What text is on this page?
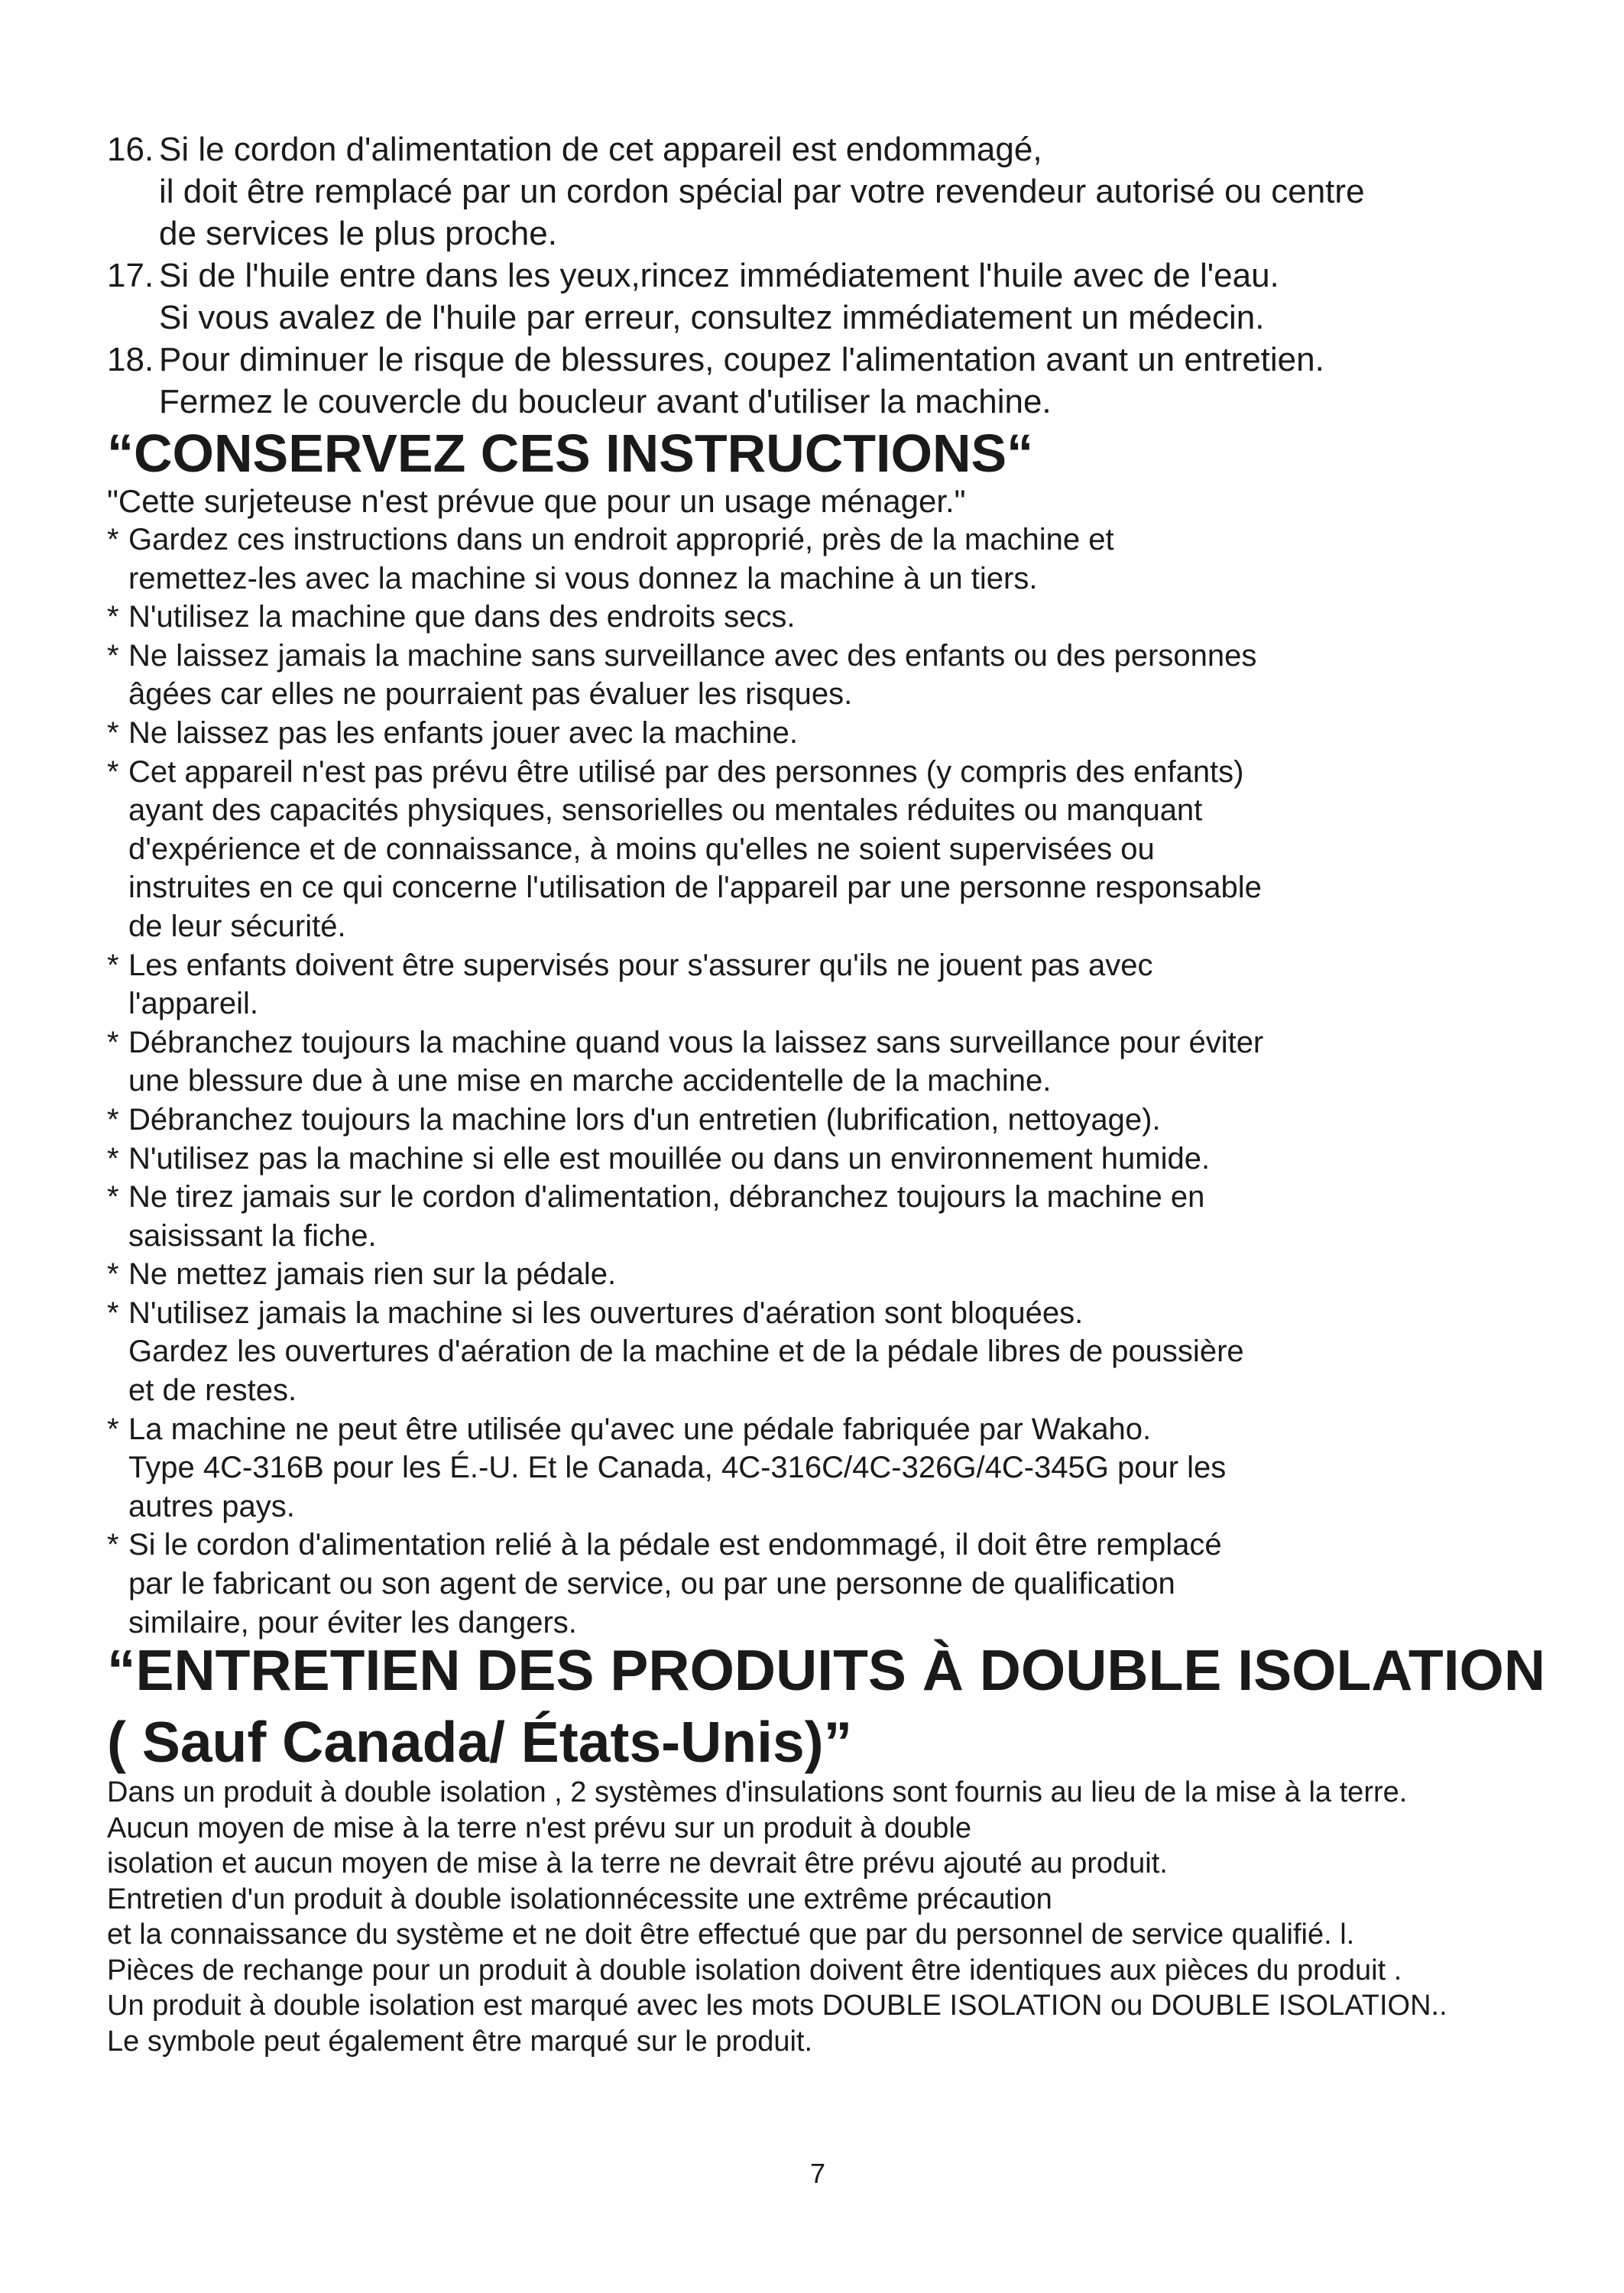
16. Si le cordon d'alimentation de cet appareil est endommagé,
il doit être remplacé par un cordon spécial par votre revendeur autorisé ou centre
de services le plus proche.
17. Si de l'huile entre dans les yeux,rincez immédiatement l'huile avec de l'eau.
Si vous avalez de l'huile par erreur, consultez immédiatement un médecin.
18. Pour diminuer le risque de blessures, coupez l'alimentation avant un entretien.
Fermez le couvercle du boucleur avant d'utiliser la machine.
“CONSERVEZ CES INSTRUCTIONS“
"Cette surjeteuse n'est prévue que pour un usage ménager."
* Gardez ces instructions dans un endroit approprié, près de la machine et
remettez-les avec la machine si vous donnez la machine à un tiers.
* N'utilisez la machine que dans des endroits secs.
* Ne laissez jamais la machine sans surveillance avec des enfants ou des personnes
âgées car elles ne pourraient pas évaluer les risques.
* Ne laissez pas les enfants jouer avec la machine.
* Cet appareil n'est pas prévu être utilisé par des personnes (y compris des enfants)
ayant des capacités physiques, sensorielles ou mentales réduites ou manquant
d'expérience et de connaissance, à moins qu'elles ne soient supervisées ou
instruites en ce qui concerne l'utilisation de l'appareil par une personne responsable
de leur sécurité.
* Les enfants doivent être supervisés pour s'assurer qu'ils ne jouent pas avec
l'appareil.
* Débranchez toujours la machine quand vous la laissez sans surveillance pour éviter
une blessure due à une mise en marche accidentelle de la machine.
* Débranchez toujours la machine lors d'un entretien (lubrification, nettoyage).
* N'utilisez pas la machine si elle est mouillée ou dans un environnement humide.
* Ne tirez jamais sur le cordon d'alimentation, débranchez toujours la machine en
saisissant la fiche.
* Ne mettez jamais rien sur la pédale.
* N'utilisez jamais la machine si les ouvertures d'aération sont bloquées.
Gardez les ouvertures d'aération de la machine et de la pédale libres de poussière
et de restes.
* La machine ne peut être utilisée qu'avec une pédale fabriquée par Wakaho.
Type 4C-316B pour les É.-U. Et le Canada, 4C-316C/4C-326G/4C-345G pour les
autres pays.
* Si le cordon d'alimentation relié à la pédale est endommagé, il doit être remplacé
par le fabricant ou son agent de service, ou par une personne de qualification
similaire, pour éviter les dangers.
“ENTRETIEN DES PRODUITS À DOUBLE ISOLATION
( Sauf Canada/ États-Unis)”
Dans un produit à double isolation , 2 systèmes d'insulations sont fournis au lieu de la mise à la terre.
Aucun moyen de mise à la terre n'est prévu sur un produit à double
isolation et aucun moyen de mise à la terre ne devrait être prévu ajouté au produit.
Entretien d'un produit à double isolationnécessite une extrême précaution
et la connaissance du système et ne doit être effectué que par du personnel de service qualifié. l.
Pièces de rechange pour un produit à double isolation doivent être identiques aux pièces du produit .
Un produit à double isolation est marqué avec les mots DOUBLE ISOLATION ou DOUBLE ISOLATION..
Le symbole peut également être marqué sur le produit.
7
